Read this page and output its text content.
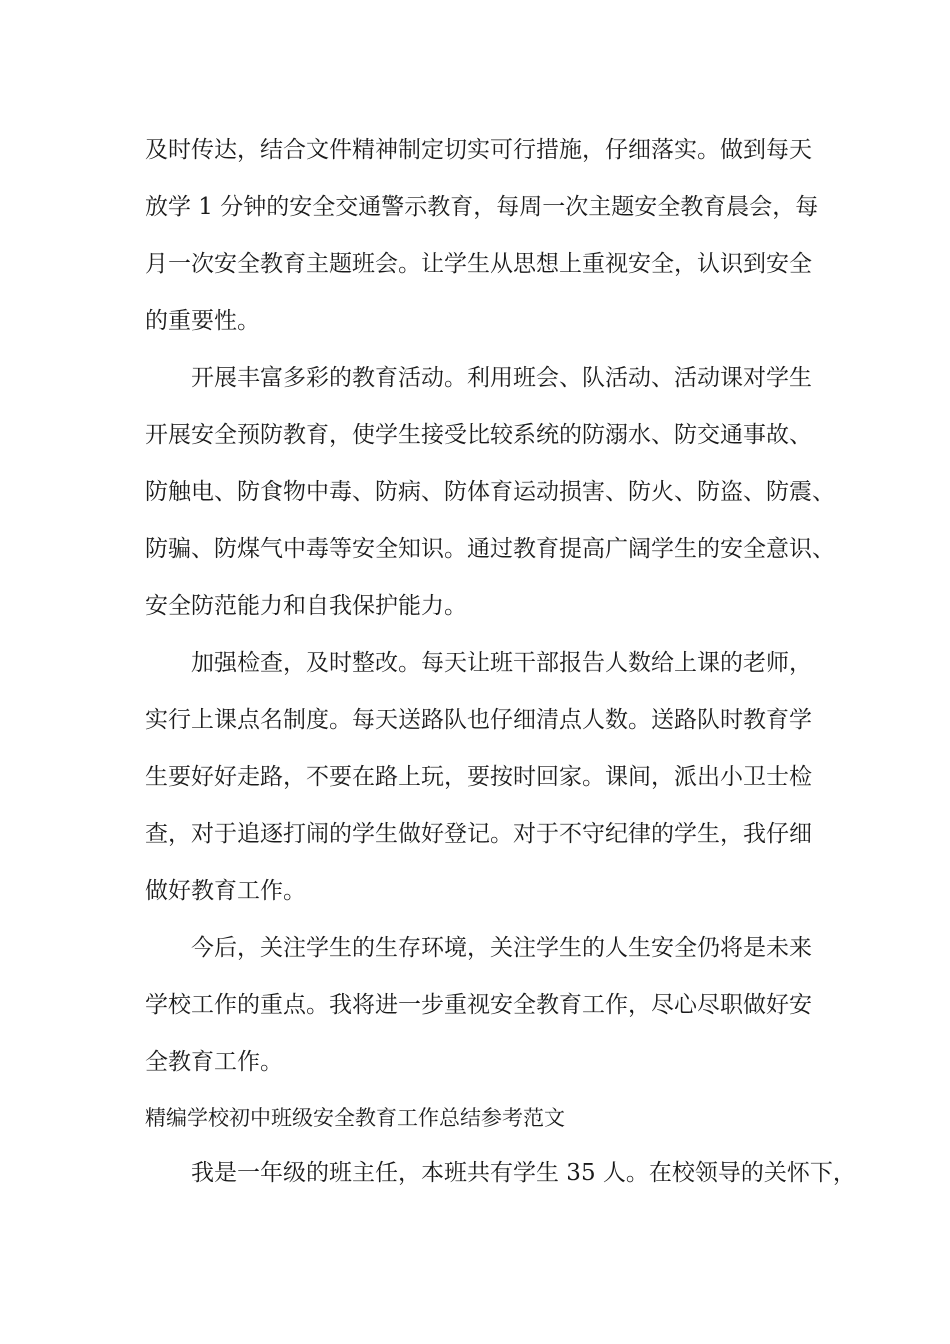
及时传达，结合文件精神制定切实可行措施，仔细落实。做到每天
放学 1 分钟的安全交通警示教育，每周一次主题安全教育晨会，每
月一次安全教育主题班会。让学生从思想上重视安全，认识到安全
的重要性。
开展丰富多彩的教育活动。利用班会、队活动、活动课对学生
开展安全预防教育，使学生接受比较系统的防溺水、防交通事故、
防触电、防食物中毒、防病、防体育运动损害、防火、防盗、防震、
防骗、防煤气中毒等安全知识。通过教育提高广阔学生的安全意识、
安全防范能力和自我保护能力。
加强检查，及时整改。每天让班干部报告人数给上课的老师，
实行上课点名制度。每天送路队也仔细清点人数。送路队时教育学
生要好好走路，不要在路上玩，要按时回家。课间，派出小卫士检
查，对于追逐打闹的学生做好登记。对于不守纪律的学生，我仔细
做好教育工作。
今后，关注学生的生存环境，关注学生的人生安全仍将是未来
学校工作的重点。我将进一步重视安全教育工作，尽心尽职做好安
全教育工作。
精编学校初中班级安全教育工作总结参考范文
我是一年级的班主任，本班共有学生 35 人。在校领导的关怀下，
